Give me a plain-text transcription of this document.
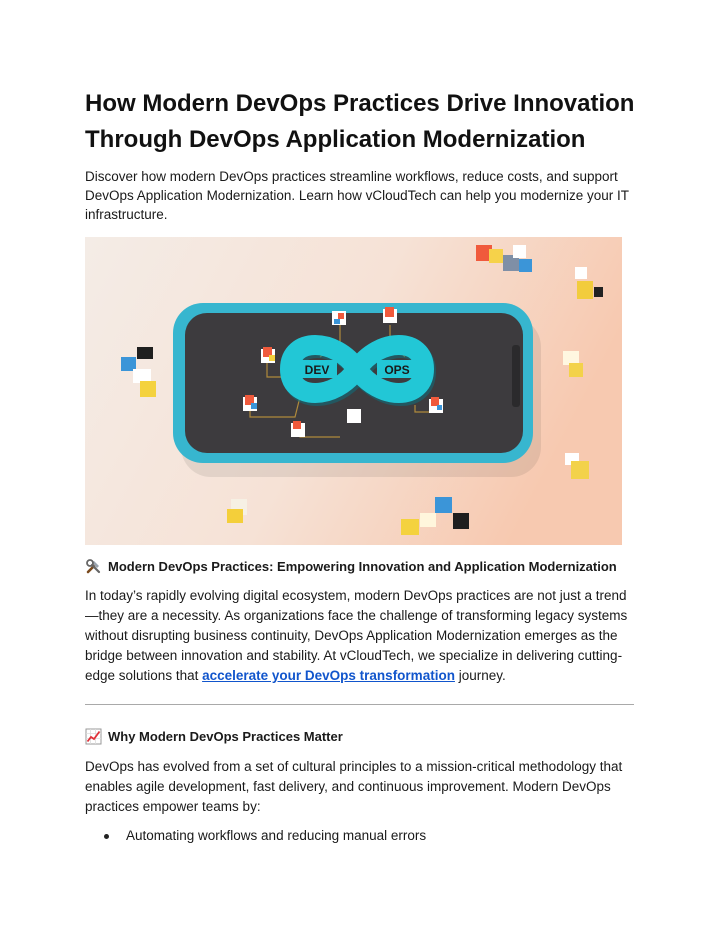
How Modern DevOps Practices Drive Innovation Through DevOps Application Modernization

Discover how modern DevOps practices streamline workflows, reduce costs, and support DevOps Application Modernization. Learn how vCloudTech can help you modernize your IT infrastructure.

DEV	OPS
Modern DevOps Practices: Empowering Innovation and Application Modernization

In today’s rapidly evolving digital ecosystem, modern DevOps practices are not just a trend—they are a necessity. As organizations face the challenge of transforming legacy systems without disrupting business continuity, DevOps Application Modernization emerges as the bridge between innovation and stability. At vCloudTech, we specialize in delivering cutting-edge solutions that accelerate your DevOps transformation journey.

Why Modern DevOps Practices Matter

DevOps has evolved from a set of cultural principles to a mission-critical methodology that enables agile development, fast delivery, and continuous improvement. Modern DevOps practices empower teams by:

Automating workflows and reducing manual errors
